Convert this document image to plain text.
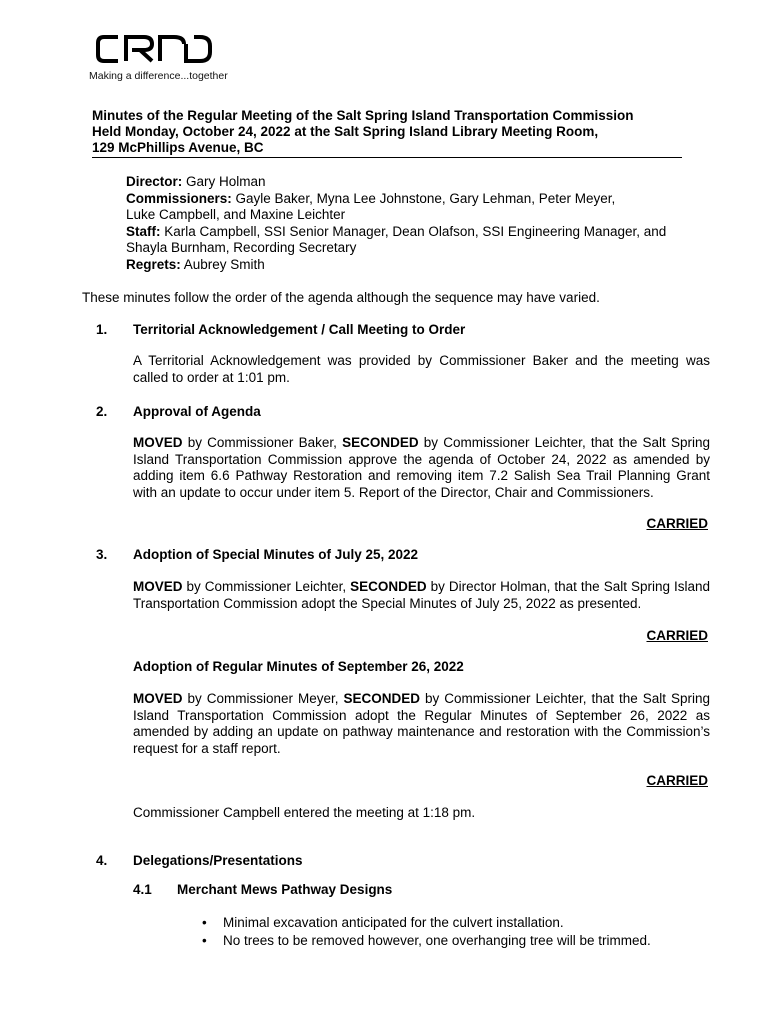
Making a difference...together
Minutes of the Regular Meeting of the Salt Spring Island Transportation Commission
Held Monday, October 24, 2022 at the Salt Spring Island Library Meeting Room,
129 McPhillips Avenue, BC
Director: Gary Holman
Commissioners: Gayle Baker, Myna Lee Johnstone, Gary Lehman, Peter Meyer,
Luke Campbell, and Maxine Leichter
Staff: Karla Campbell, SSI Senior Manager, Dean Olafson, SSI Engineering Manager, and
Shayla Burnham, Recording Secretary
Regrets: Aubrey Smith
These minutes follow the order of the agenda although the sequence may have varied.
1. Territorial Acknowledgement / Call Meeting to Order
A Territorial Acknowledgement was provided by Commissioner Baker and the meeting was called to order at 1:01 pm.
2. Approval of Agenda
MOVED by Commissioner Baker, SECONDED by Commissioner Leichter, that the Salt Spring Island Transportation Commission approve the agenda of October 24, 2022 as amended by adding item 6.6 Pathway Restoration and removing item 7.2 Salish Sea Trail Planning Grant with an update to occur under item 5. Report of the Director, Chair and Commissioners.
CARRIED
3. Adoption of Special Minutes of July 25, 2022
MOVED by Commissioner Leichter, SECONDED by Director Holman, that the Salt Spring Island Transportation Commission adopt the Special Minutes of July 25, 2022 as presented.
CARRIED
Adoption of Regular Minutes of September 26, 2022
MOVED by Commissioner Meyer, SECONDED by Commissioner Leichter, that the Salt Spring Island Transportation Commission adopt the Regular Minutes of September 26, 2022 as amended by adding an update on pathway maintenance and restoration with the Commission’s request for a staff report.
CARRIED
Commissioner Campbell entered the meeting at 1:18 pm.
4. Delegations/Presentations
4.1 Merchant Mews Pathway Designs
• Minimal excavation anticipated for the culvert installation.
• No trees to be removed however, one overhanging tree will be trimmed.
